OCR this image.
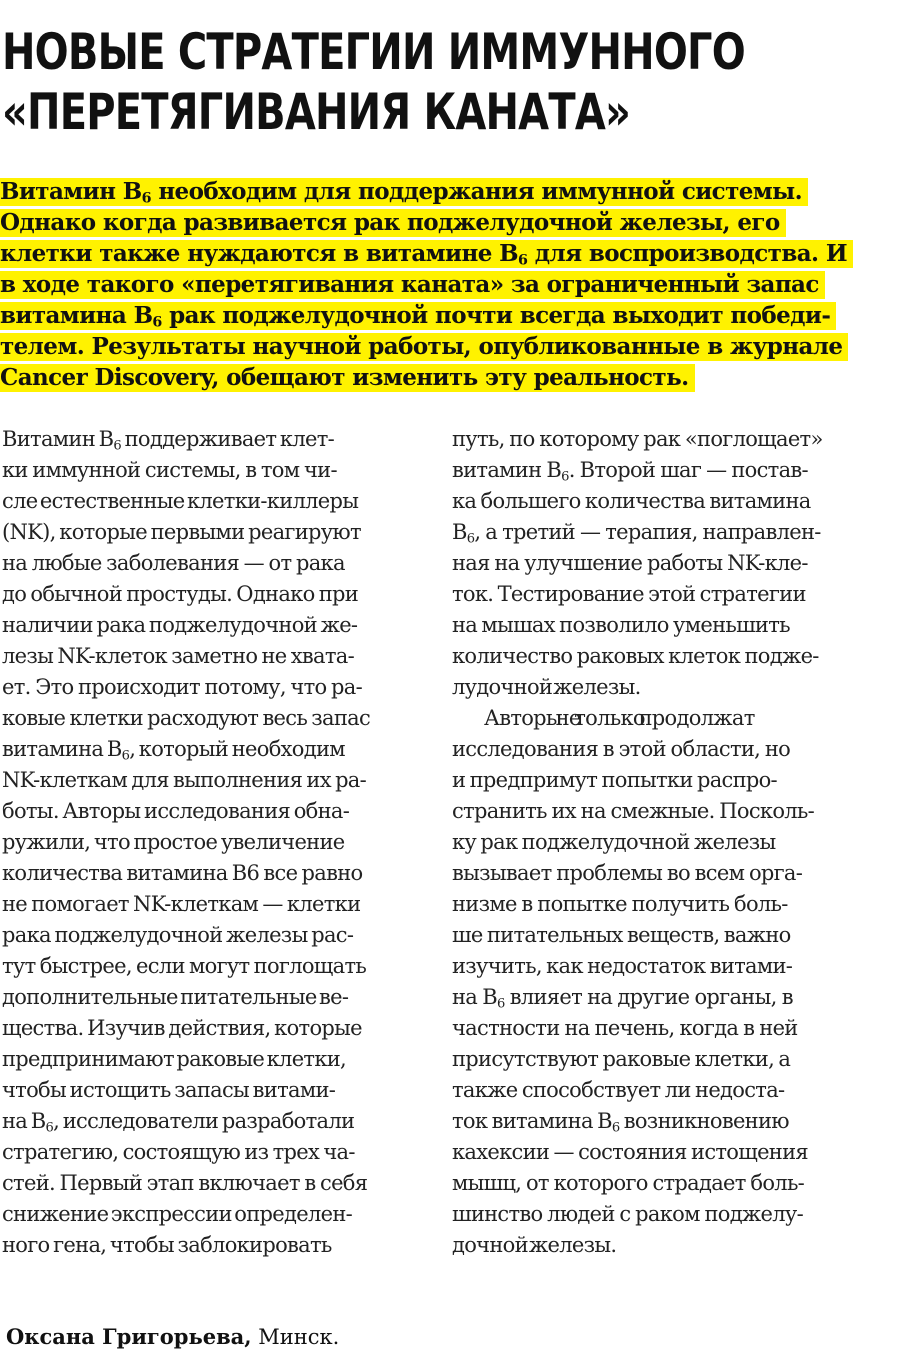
НОВЫЕ СТРАТЕГИИ ИММУННОГО
«ПЕРЕТЯГИВАНИЯ КАНАТА»

Витамин $B_6$ необходим для поддержания иммунной системы.
Однако когда развивается рак поджелудочной железы, его
клетки также нуждаются в витамине $B_6$ для воспроизводства. И
в ходе такого «перетягивания каната» за ограниченный запас
витамина $B_6$ рак поджелудочной почти всегда выходит победи-
телем. Результаты научной работы, опубликованные в журнале
Cancer Discovery, обещают изменить эту реальность.

Витамин $B_6$ поддерживает клет-
ки иммунной системы, в том чи-
сле естественные клетки-киллеры
(NK), которые первыми реагируют
на любые заболевания — от рака
до обычной простуды. Однако при
наличии рака поджелудочной же-
лезы NK-клеток заметно не хвата-
ет. Это происходит потому, что ра-
ковые клетки расходуют весь запас
витамина $B_6$, который необходим
NK-клеткам для выполнения их ра-
боты. Авторы исследования обна-
ружили, что простое увеличение
количества витамина В6 все равно
не помогает NK-клеткам — клетки
рака поджелудочной железы рас-
тут быстрее, если могут поглощать
дополнительные питательные ве-
щества. Изучив действия, которые
предпринимают раковые клетки,
чтобы истощить запасы витами-
на $B_6$, исследователи разработали
стратегию, состоящую из трех ча-
стей. Первый этап включает в себя
снижение экспрессии определен-
ного гена, чтобы заблокировать
путь, по которому рак «поглощает»
витамин $B_6$. Второй шаг — постав-
ка большего количества витамина
$B_6$, а третий — терапия, направлен-
ная на улучшение работы NK-кле-
ток. Тестирование этой стратегии
на мышах позволило уменьшить
количество раковых клеток подже-
лудочной железы.
Авторы не только продолжат
исследования в этой области, но
и предпримут попытки распро-
странить их на смежные. Посколь-
ку рак поджелудочной железы
вызывает проблемы во всем орга-
низме в попытке получить боль-
ше питательных веществ, важно
изучить, как недостаток витами-
на $B_6$ влияет на другие органы, в
частности на печень, когда в ней
присутствуют раковые клетки, а
также способствует ли недоста-
ток витамина $B_6$ возникновению
кахексии — состояния истощения
мышц, от которого страдает боль-
шинство людей с раком поджелу-
дочной железы.

Оксана Григорьева, Минск.
